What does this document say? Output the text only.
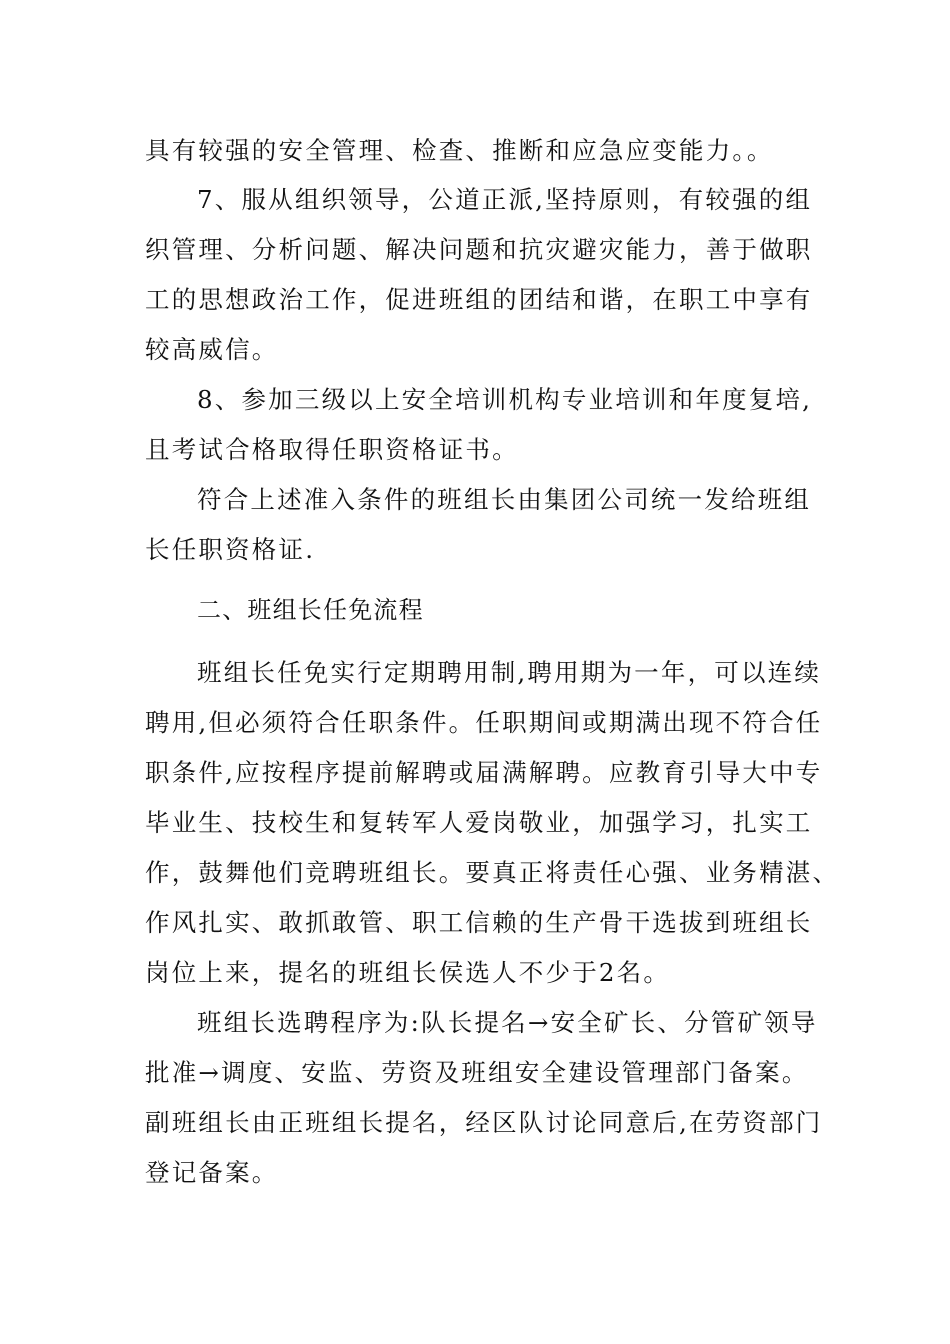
具有较强的安全管理、检查、推断和应急应变能力。。
7、服从组织领导，公道正派,坚持原则，有较强的组
织管理、分析问题、解决问题和抗灾避灾能力，善于做职
工的思想政治工作，促进班组的团结和谐，在职工中享有
较高威信。
8、参加三级以上安全培训机构专业培训和年度复培,
且考试合格取得任职资格证书。
符合上述准入条件的班组长由集团公司统一发给班组
长任职资格证.
二、班组长任免流程
班组长任免实行定期聘用制,聘用期为一年，可以连续
聘用,但必须符合任职条件。任职期间或期满出现不符合任
职条件,应按程序提前解聘或届满解聘。应教育引导大中专
毕业生、技校生和复转军人爱岗敬业，加强学习，扎实工
作，鼓舞他们竞聘班组长。要真正将责任心强、业务精湛、
作风扎实、敢抓敢管、职工信赖的生产骨干选拔到班组长
岗位上来，提名的班组长侯选人不少于2名。
班组长选聘程序为:队长提名→安全矿长、分管矿领导
批准→调度、安监、劳资及班组安全建设管理部门备案。
副班组长由正班组长提名，经区队讨论同意后,在劳资部门
登记备案。
